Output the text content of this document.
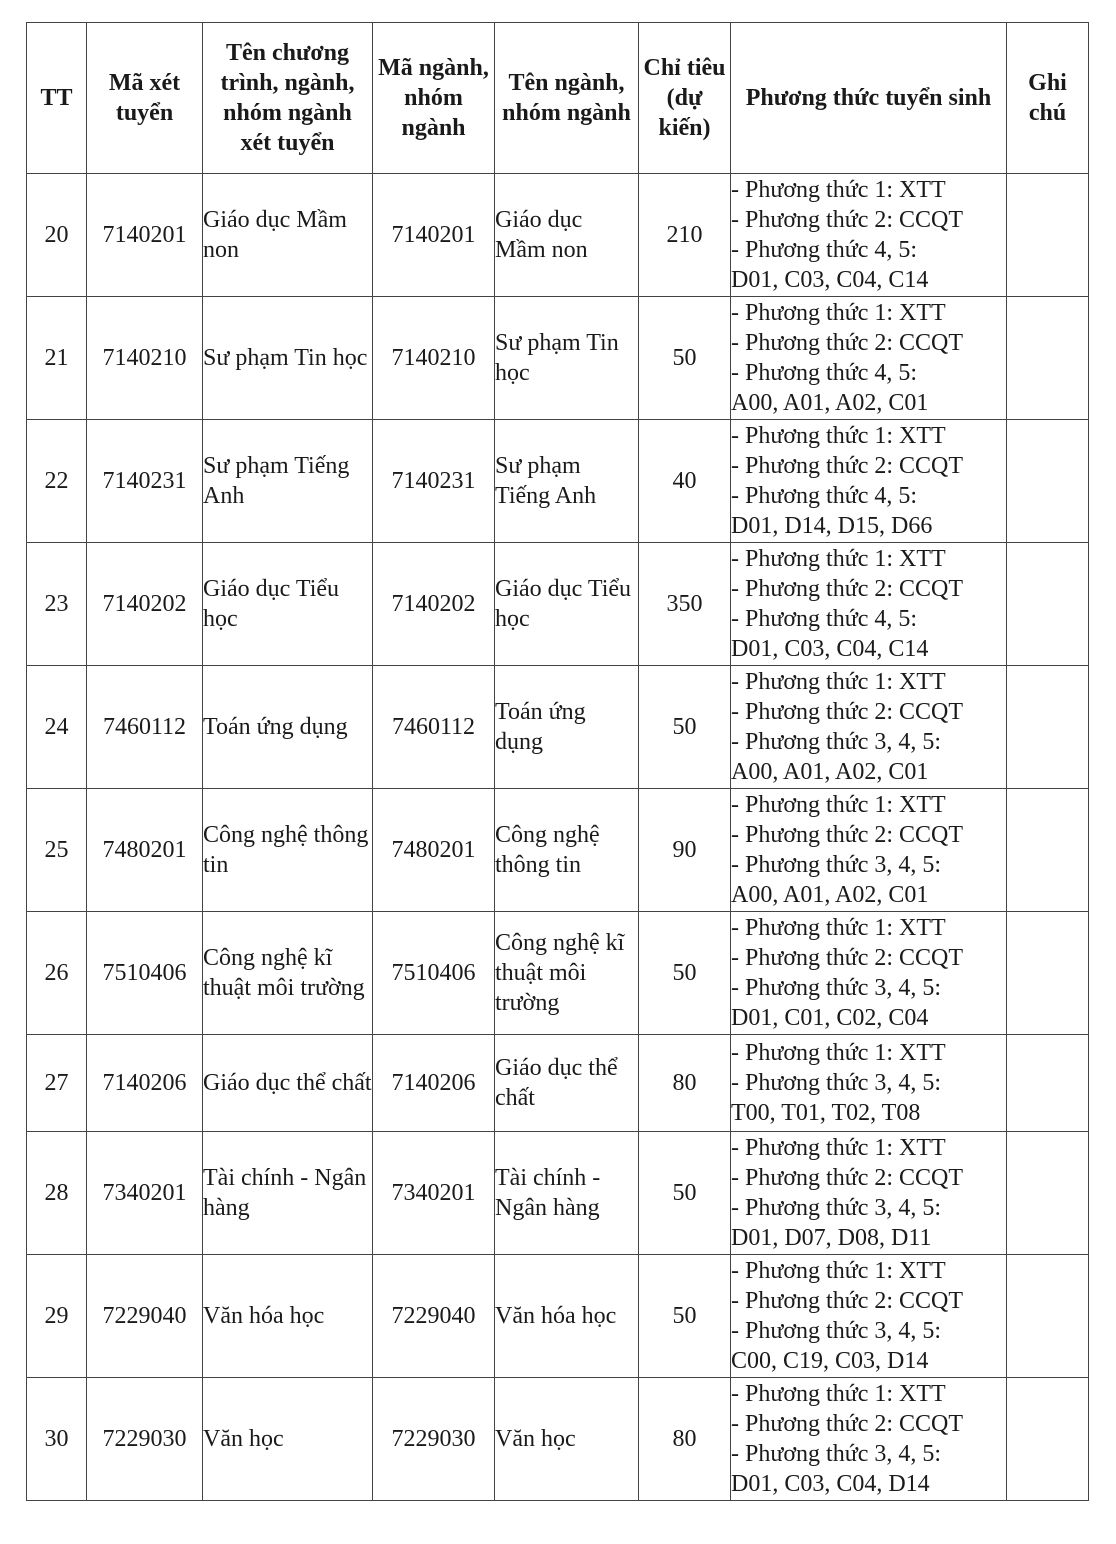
TT	Mã xét tuyển	Tên chương trình, ngành, nhóm ngành xét tuyển	Mã ngành, nhóm ngành	Tên ngành, nhóm ngành	Chỉ tiêu (dự kiến)	Phương thức tuyển sinh	Ghi chú
20	7140201	Giáo dục Mầm non	7140201	Giáo dục Mầm non	210	- Phương thức 1: XTT
- Phương thức 2: CCQT
- Phương thức 4, 5:
D01, C03, C04, C14	

21	7140210	Sư phạm Tin học	7140210	Sư phạm Tin học	50	- Phương thức 1: XTT
- Phương thức 2: CCQT
- Phương thức 4, 5:
A00, A01, A02, C01	

22	7140231	Sư phạm Tiếng Anh	7140231	Sư phạm Tiếng Anh	40	- Phương thức 1: XTT
- Phương thức 2: CCQT
- Phương thức 4, 5:
D01, D14, D15, D66	

23	7140202	Giáo dục Tiểu học	7140202	Giáo dục Tiểu học	350	- Phương thức 1: XTT
- Phương thức 2: CCQT
- Phương thức 4, 5:
D01, C03, C04, C14	

24	7460112	Toán ứng dụng	7460112	Toán ứng dụng	50	- Phương thức 1: XTT
- Phương thức 2: CCQT
- Phương thức 3, 4, 5:
A00, A01, A02, C01	

25	7480201	Công nghệ thông tin	7480201	Công nghệ thông tin	90	- Phương thức 1: XTT
- Phương thức 2: CCQT
- Phương thức 3, 4, 5:
A00, A01, A02, C01	

26	7510406	Công nghệ kĩ thuật môi trường	7510406	Công nghệ kĩ thuật môi trường	50	- Phương thức 1: XTT
- Phương thức 2: CCQT
- Phương thức 3, 4, 5:
D01, C01, C02, C04	

27	7140206	Giáo dục thể chất	7140206	Giáo dục thể chất	80	- Phương thức 1: XTT
- Phương thức 3, 4, 5:
T00, T01, T02, T08	

28	7340201	Tài chính - Ngân hàng	7340201	Tài chính - Ngân hàng	50	- Phương thức 1: XTT
- Phương thức 2: CCQT
- Phương thức 3, 4, 5:
D01, D07, D08, D11	

29	7229040	Văn hóa học	7229040	Văn hóa học	50	- Phương thức 1: XTT
- Phương thức 2: CCQT
- Phương thức 3, 4, 5:
C00, C19, C03, D14	

30	7229030	Văn học	7229030	Văn học	80	- Phương thức 1: XTT
- Phương thức 2: CCQT
- Phương thức 3, 4, 5:
D01, C03, C04, D14	
